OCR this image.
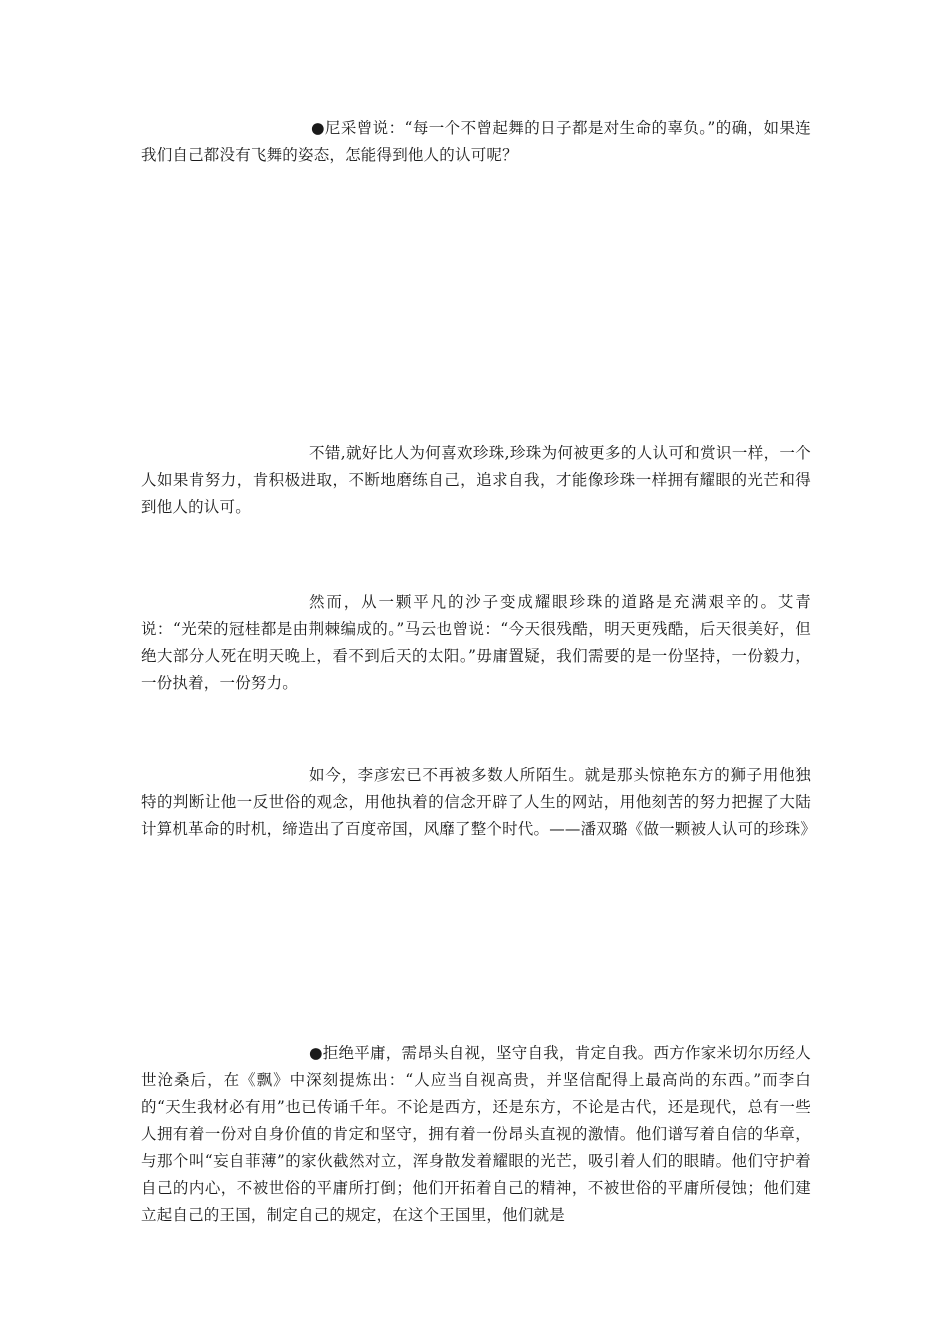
●尼采曾说：“每一个不曾起舞的日子都是对生命的辜负。”的确，如果连我们自己都没有飞舞的姿态，怎能得到他人的认可呢？

不错,就好比人为何喜欢珍珠,珍珠为何被更多的人认可和赏识一样，一个人如果肯努力，肯积极进取，不断地磨练自己，追求自我，才能像珍珠一样拥有耀眼的光芒和得到他人的认可。

然而，从一颗平凡的沙子变成耀眼珍珠的道路是充满艰辛的。艾青说：“光荣的冠桂都是由荆棘编成的。”马云也曾说：“今天很残酷，明天更残酷，后天很美好，但绝大部分人死在明天晚上，看不到后天的太阳。”毋庸置疑，我们需要的是一份坚持，一份毅力，一份执着，一份努力。

如今，李彦宏已不再被多数人所陌生。就是那头惊艳东方的狮子用他独特的判断让他一反世俗的观念，用他执着的信念开辟了人生的网站，用他刻苦的努力把握了大陆计算机革命的时机，缔造出了百度帝国，风靡了整个时代。——潘双璐《做一颗被人认可的珍珠》

●拒绝平庸，需昂头自视，坚守自我，肯定自我。西方作家米切尔历经人世沧桑后，在《飘》中深刻提炼出：“人应当自视高贵，并坚信配得上最高尚的东西。”而李白的“天生我材必有用”也已传诵千年。不论是西方，还是东方，不论是古代，还是现代，总有一些人拥有着一份对自身价值的肯定和坚守，拥有着一份昂头直视的激情。他们谱写着自信的华章，与那个叫“妄自菲薄”的家伙截然对立，浑身散发着耀眼的光芒，吸引着人们的眼睛。他们守护着自己的内心，不被世俗的平庸所打倒；他们开拓着自己的精神，不被世俗的平庸所侵蚀；他们建立起自己的王国，制定自己的规定，在这个王国里，他们就是
